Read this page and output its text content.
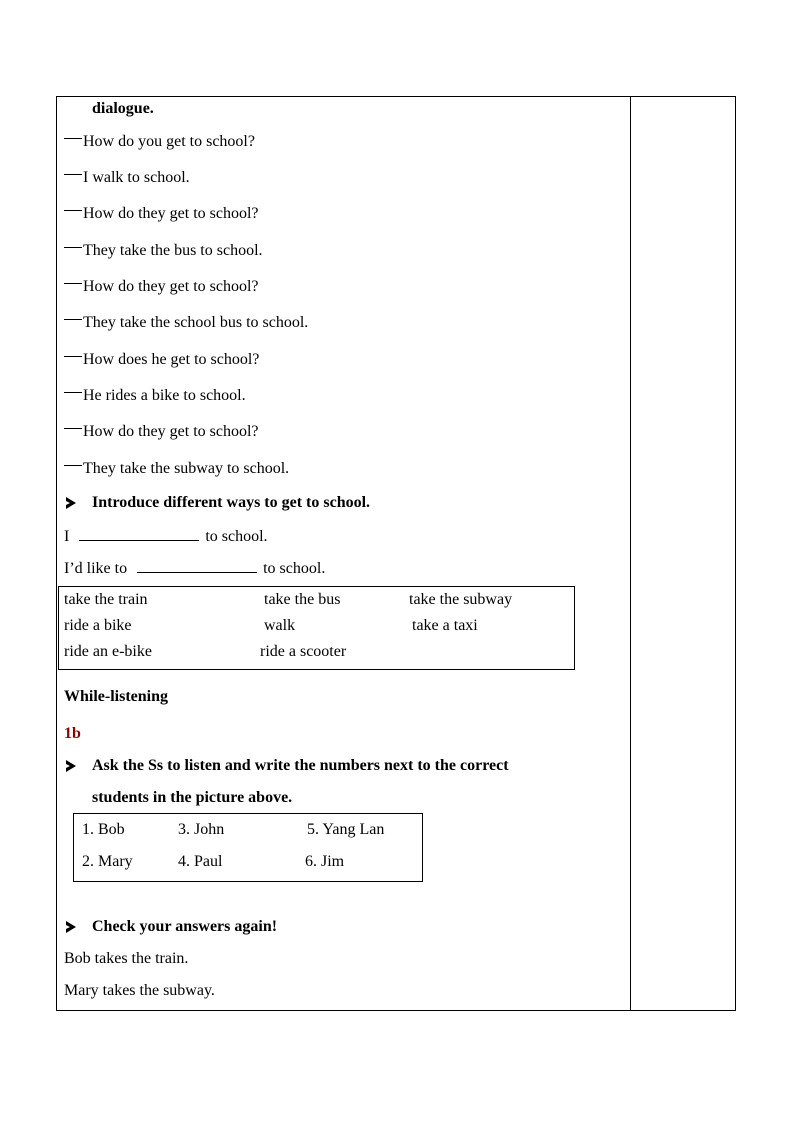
dialogue.
How do you get to school?
I walk to school.
How do they get to school?
They take the bus to school.
How do they get to school?
They take the school bus to school.
How does he get to school?
He rides a bike to school.
How do they get to school?
They take the subway to school.
Introduce different ways to get to school.
I	to school.
I’d like to	to school.
take the train	take the bus	take the subway
ride a bike	walk	take a taxi
ride an e-bike	ride a scooter
While-listening
1b
Ask the Ss to listen and write the numbers next to the correct
students in the picture above.
1. Bob	3. John	5. Yang Lan
2. Mary	4. Paul	6. Jim
Check your answers again!
Bob takes the train.
Mary takes the subway.
